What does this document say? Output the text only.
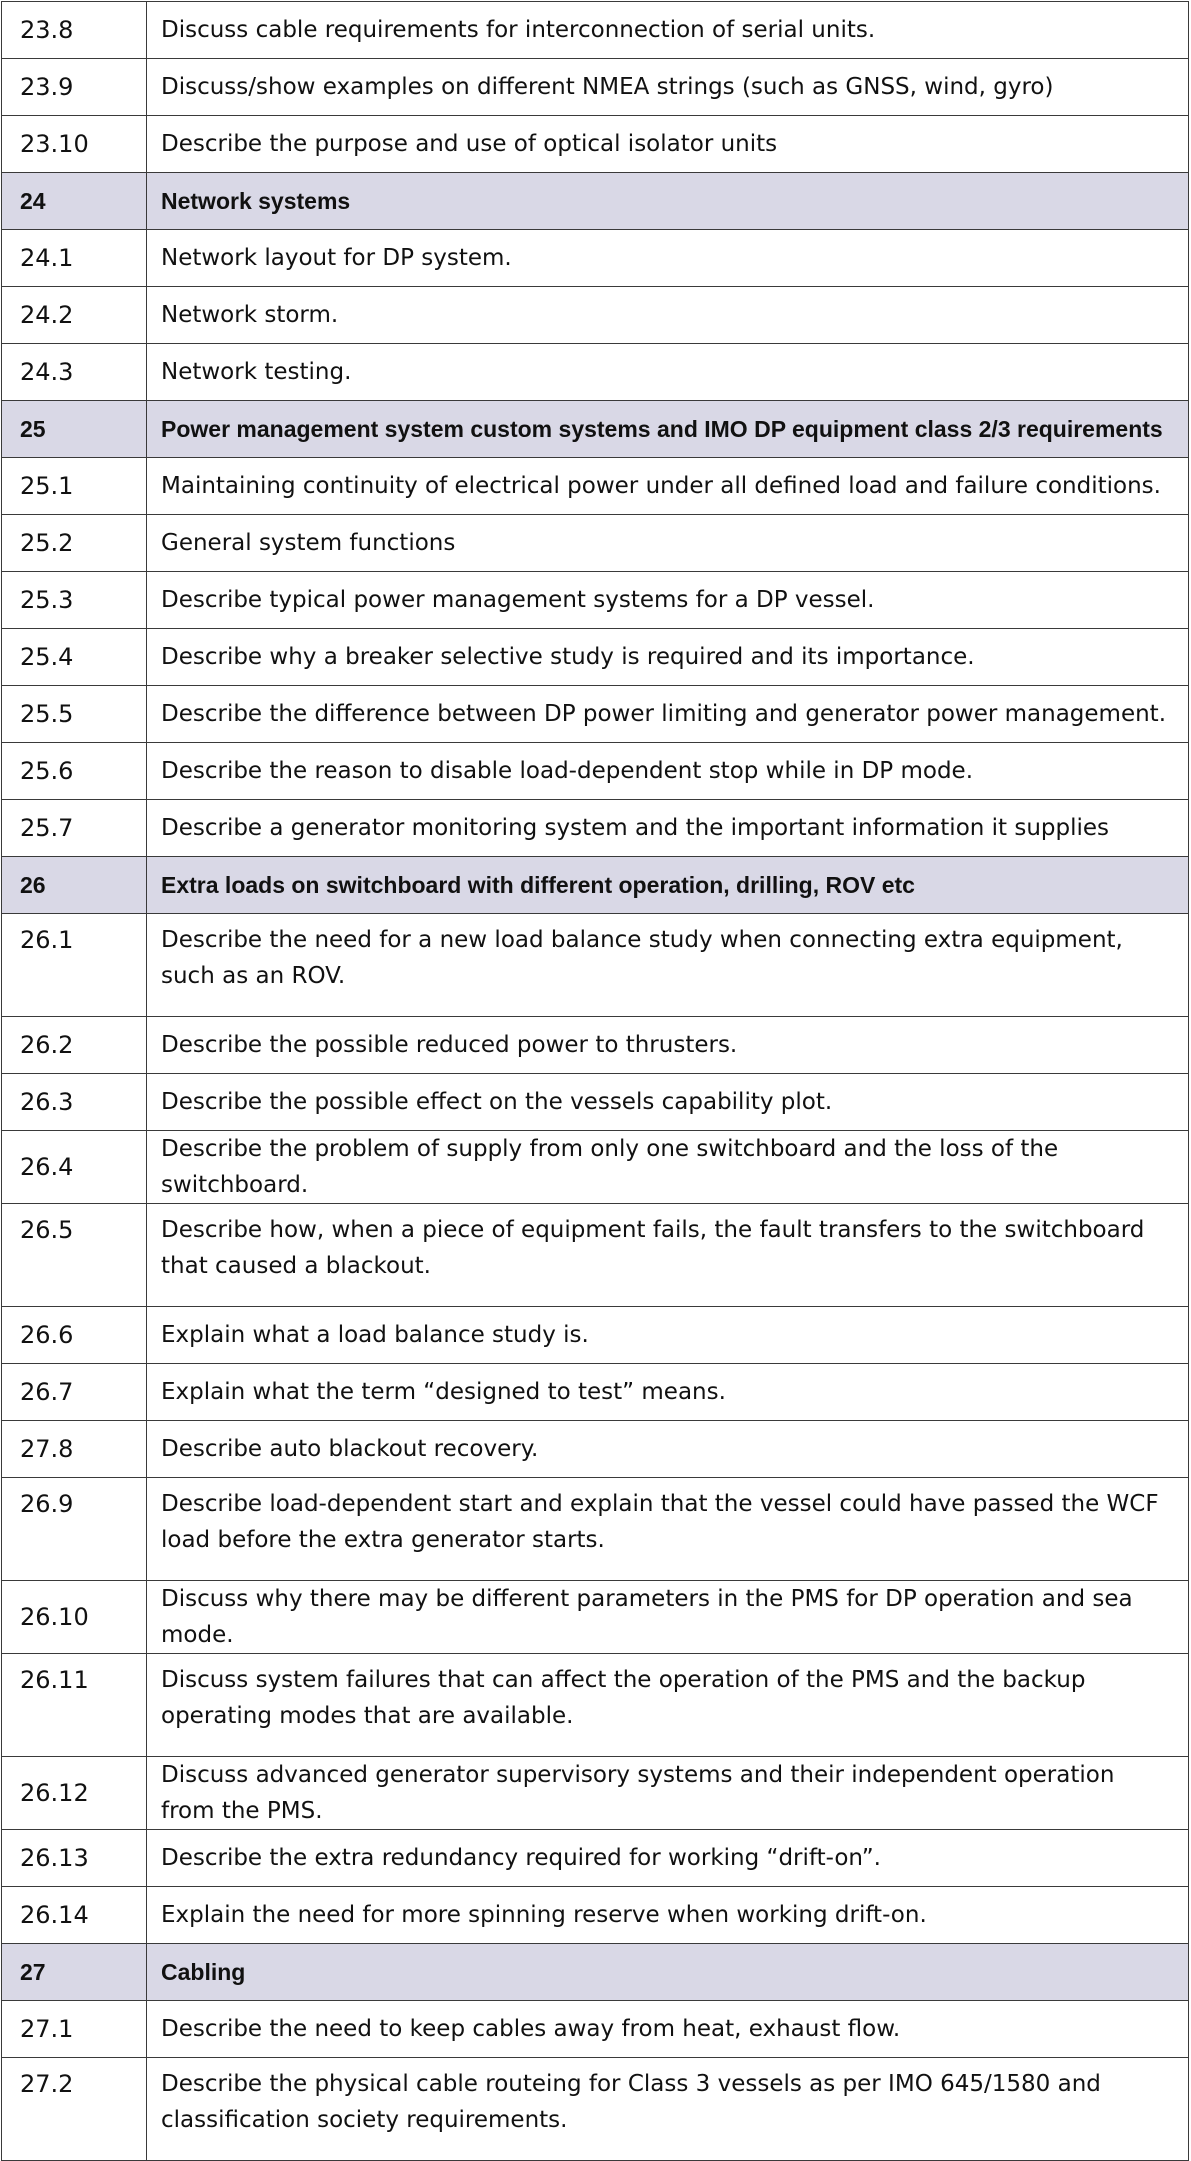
23.8	Discuss cable requirements for interconnection of serial units.
23.9	Discuss/show examples on different NMEA strings (such as GNSS, wind, gyro)
23.10	Describe the purpose and use of optical isolator units
24	Network systems
24.1	Network layout for DP system.
24.2	Network storm.
24.3	Network testing.
25	Power management system custom systems and IMO DP equipment class 2/3 requirements
25.1	Maintaining continuity of electrical power under all defined load and failure conditions.
25.2	General system functions
25.3	Describe typical power management systems for a DP vessel.
25.4	Describe why a breaker selective study is required and its importance.
25.5	Describe the difference between DP power limiting and generator power management.
25.6	Describe the reason to disable load-dependent stop while in DP mode.
25.7	Describe a generator monitoring system and the important information it supplies
26	Extra loads on switchboard with different operation, drilling, ROV etc
26.1	Describe the need for a new load balance study when connecting extra equipment, such as an ROV.
26.2	Describe the possible reduced power to thrusters.
26.3	Describe the possible effect on the vessels capability plot.
26.4	Describe the problem of supply from only one switchboard and the loss of the switchboard.
26.5	Describe how, when a piece of equipment fails, the fault transfers to the switchboard that caused a blackout.
26.6	Explain what a load balance study is.
26.7	Explain what the term “designed to test” means.
27.8	Describe auto blackout recovery.
26.9	Describe load-dependent start and explain that the vessel could have passed the WCF load before the extra generator starts.
26.10	Discuss why there may be different parameters in the PMS for DP operation and sea mode.
26.11	Discuss system failures that can affect the operation of the PMS and the backup operating modes that are available.
26.12	Discuss advanced generator supervisory systems and their independent operation from the PMS.
26.13	Describe the extra redundancy required for working “drift-on”.
26.14	Explain the need for more spinning reserve when working drift-on.
27	Cabling
27.1	Describe the need to keep cables away from heat, exhaust flow.
27.2	Describe the physical cable routeing for Class 3 vessels as per IMO 645/1580 and classification society requirements.
